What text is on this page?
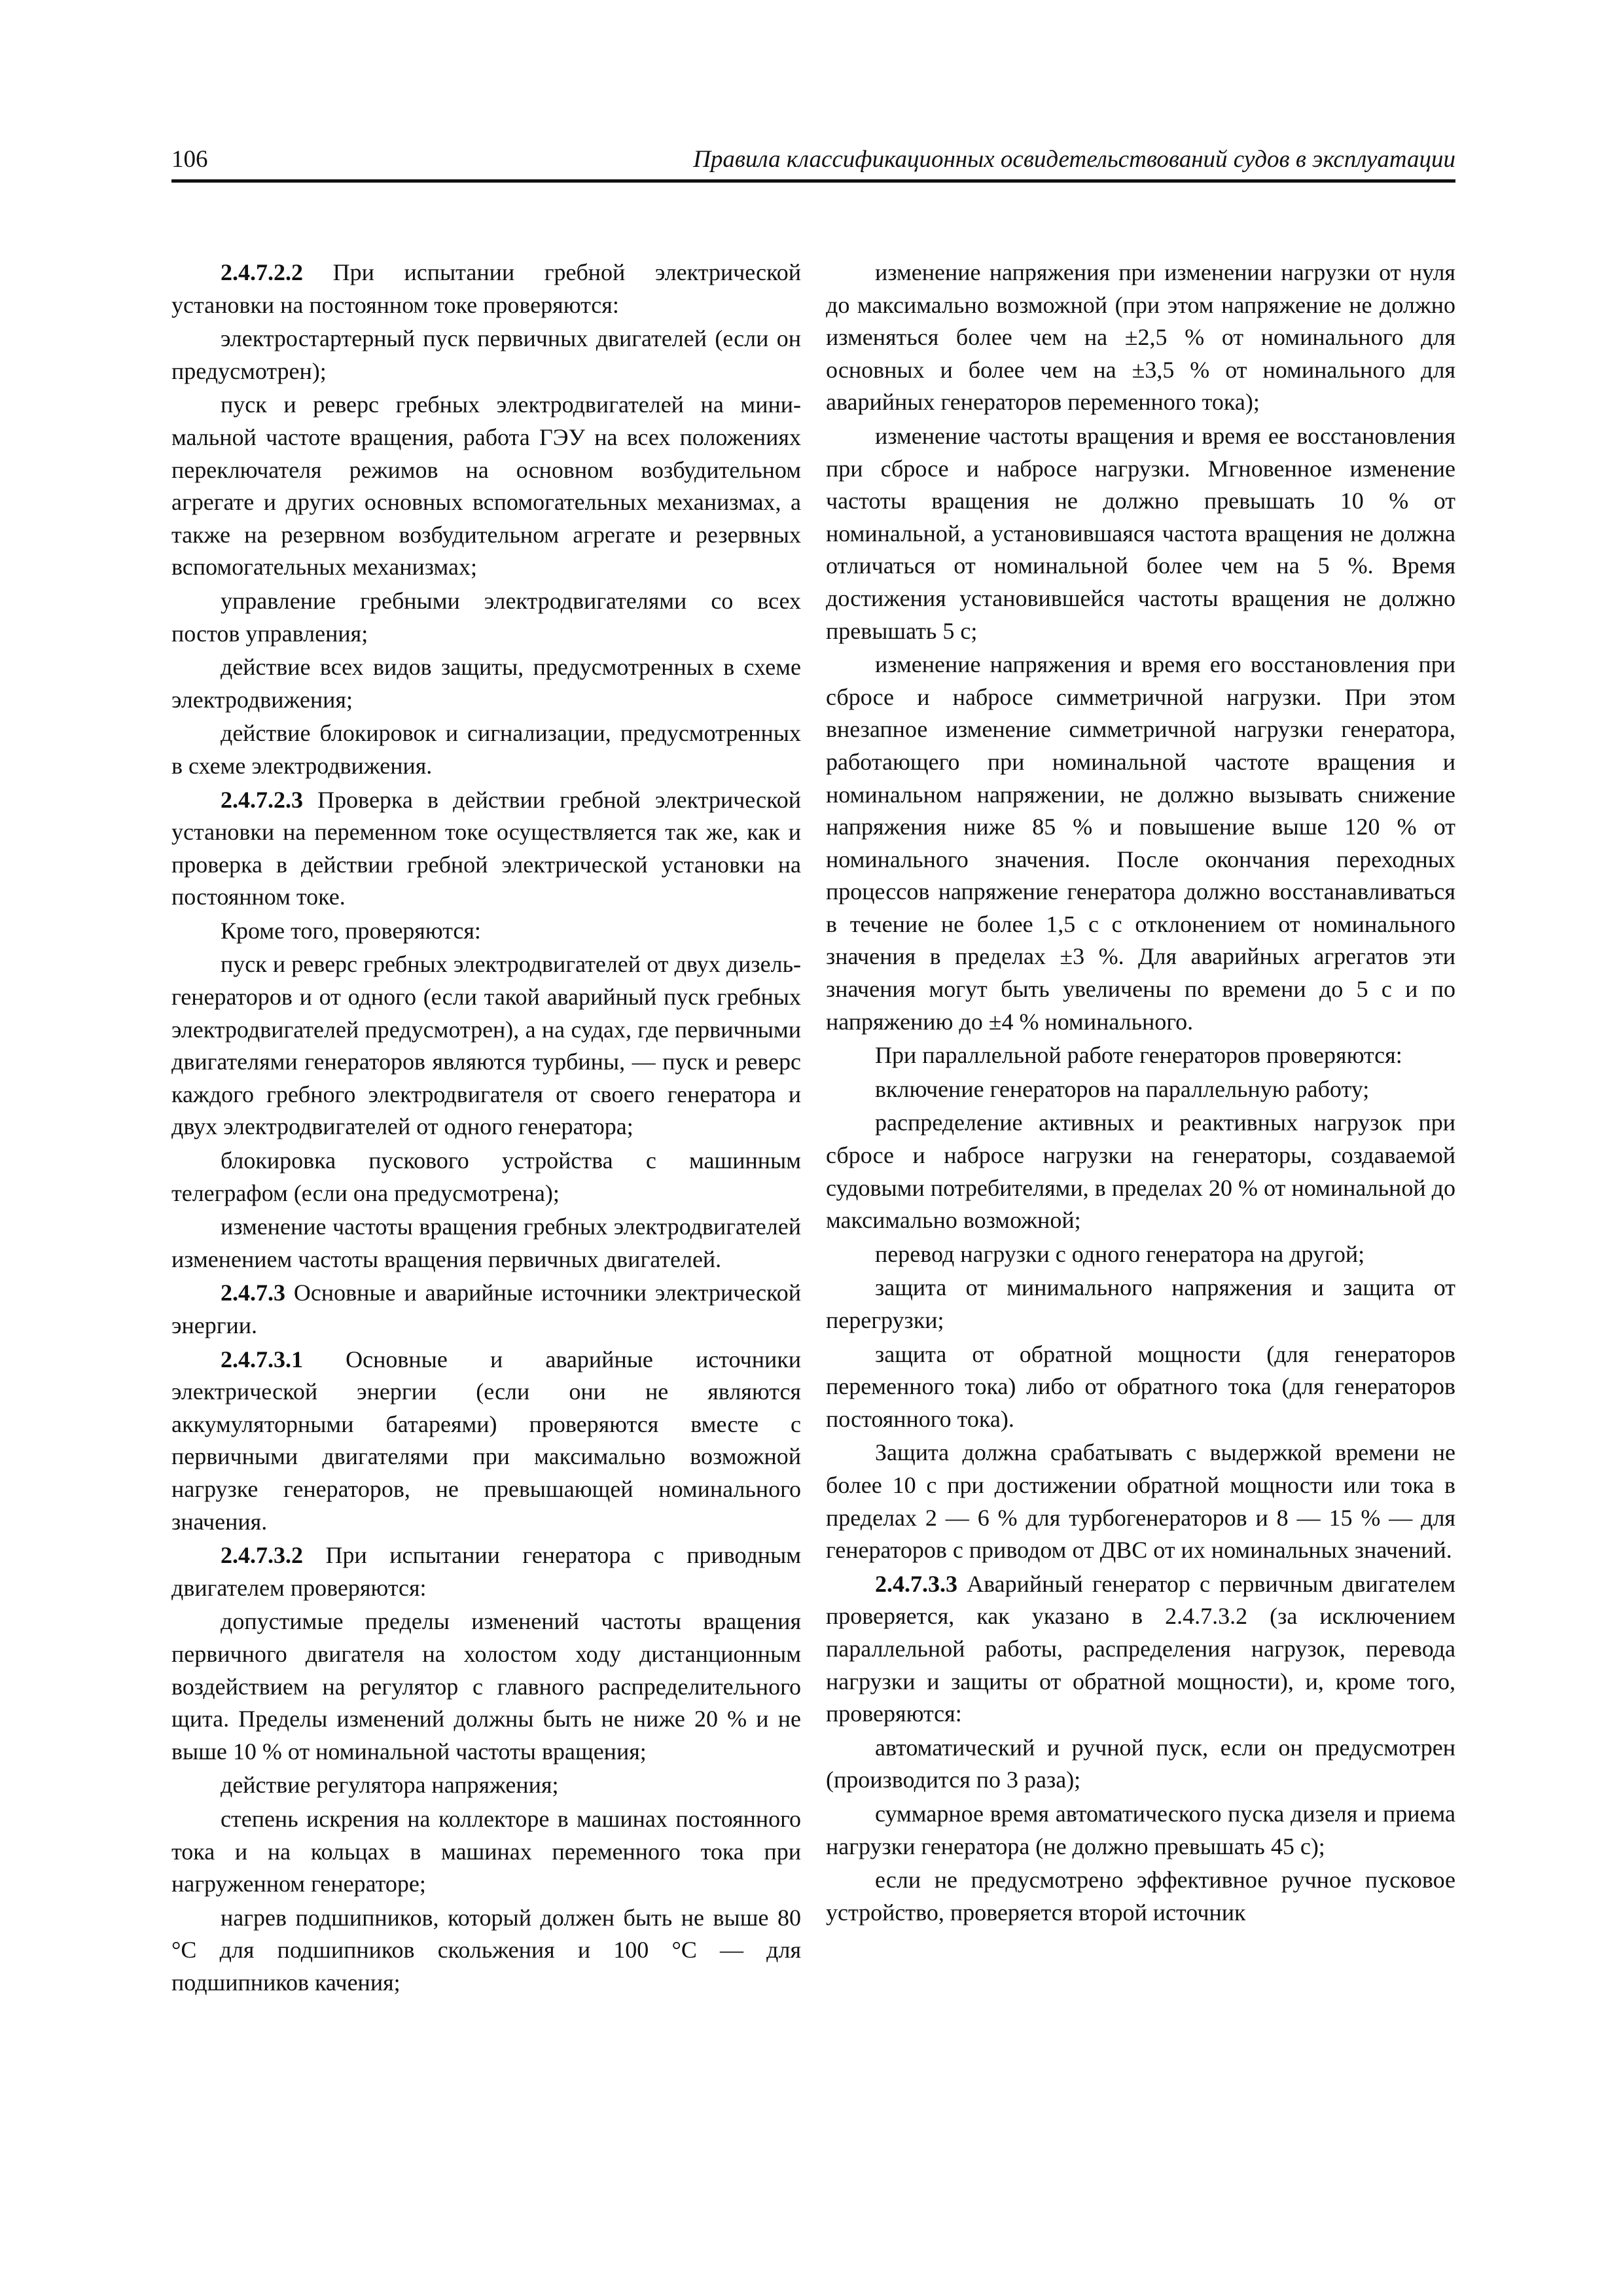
106	Правила классификационных освидетельствований судов в эксплуатации

2.4.7.2.2 При испытании гребной электрической установки на постоянном токе проверяются:

электростартерный пуск первичных двигателей (если он предусмотрен);

пуск и реверс гребных электродвигателей на минимальной частоте вращения, работа ГЭУ на всех положениях переключателя режимов на основном возбудительном агрегате и других основных вспомогательных механизмах, а также на резервном возбудительном агрегате и резервных вспомогательных механизмах;

управление гребными электродвигателями со всех постов управления;

действие всех видов защиты, предусмотренных в схеме электродвижения;

действие блокировок и сигнализации, предусмотренных в схеме электродвижения.

2.4.7.2.3 Проверка в действии гребной электрической установки на переменном токе осуществляется так же, как и проверка в действии гребной электрической установки на постоянном токе.

Кроме того, проверяются:

пуск и реверс гребных электродвигателей от двух дизель-генераторов и от одного (если такой аварийный пуск гребных электродвигателей предусмотрен), а на судах, где первичными двигателями генераторов являются турбины, — пуск и реверс каждого гребного электродвигателя от своего генератора и двух электродвигателей от одного генератора;

блокировка пускового устройства с машинным телеграфом (если она предусмотрена);

изменение частоты вращения гребных электродвигателей изменением частоты вращения первичных двигателей.

2.4.7.3 Основные и аварийные источники электрической энергии.

2.4.7.3.1 Основные и аварийные источники электрической энергии (если они не являются аккумуляторными батареями) проверяются вместе с первичными двигателями при максимально возможной нагрузке генераторов, не превышающей номинального значения.

2.4.7.3.2 При испытании генератора с приводным двигателем проверяются:

допустимые пределы изменений частоты вращения первичного двигателя на холостом ходу дистанционным воздействием на регулятор с главного распределительного щита. Пределы изменений должны быть не ниже 20 % и не выше 10 % от номинальной частоты вращения;

действие регулятора напряжения;

степень искрения на коллекторе в машинах постоянного тока и на кольцах в машинах переменного тока при нагруженном генераторе;

нагрев подшипников, который должен быть не выше 80 °С для подшипников скольжения и 100 °С — для подшипников качения;

изменение напряжения при изменении нагрузки от нуля до максимально возможной (при этом напряжение не должно изменяться более чем на ±2,5 % от номинального для основных и более чем на ±3,5 % от номинального для аварийных генераторов переменного тока);

изменение частоты вращения и время ее восстановления при сбросе и набросе нагрузки. Мгновенное изменение частоты вращения не должно превышать 10 % от номинальной, а установившаяся частота вращения не должна отличаться от номинальной более чем на 5 %. Время достижения установившейся частоты вращения не должно превышать 5 с;

изменение напряжения и время его восстановления при сбросе и набросе симметричной нагрузки. При этом внезапное изменение симметричной нагрузки генератора, работающего при номинальной частоте вращения и номинальном напряжении, не должно вызывать снижение напряжения ниже 85 % и повышение выше 120 % от номинального значения. После окончания переходных процессов напряжение генератора должно восстанавливаться в течение не более 1,5 с с отклонением от номинального значения в пределах ±3 %. Для аварийных агрегатов эти значения могут быть увеличены по времени до 5 с и по напряжению до ±4 % номинального.

При параллельной работе генераторов проверяются:

включение генераторов на параллельную работу;

распределение активных и реактивных нагрузок при сбросе и набросе нагрузки на генераторы, создаваемой судовыми потребителями, в пределах 20 % от номинальной до максимально возможной;

перевод нагрузки с одного генератора на другой;

защита от минимального напряжения и защита от перегрузки;

защита от обратной мощности (для генераторов переменного тока) либо от обратного тока (для генераторов постоянного тока).

Защита должна срабатывать с выдержкой времени не более 10 с при достижении обратной мощности или тока в пределах 2 — 6 % для турбогенераторов и 8 — 15 % — для генераторов с приводом от ДВС от их номинальных значений.

2.4.7.3.3 Аварийный генератор с первичным двигателем проверяется, как указано в 2.4.7.3.2 (за исключением параллельной работы, распределения нагрузок, перевода нагрузки и защиты от обратной мощности), и, кроме того, проверяются:

автоматический и ручной пуск, если он предусмотрен (производится по 3 раза);

суммарное время автоматического пуска дизеля и приема нагрузки генератора (не должно превышать 45 с);

если не предусмотрено эффективное ручное пусковое устройство, проверяется второй источник
